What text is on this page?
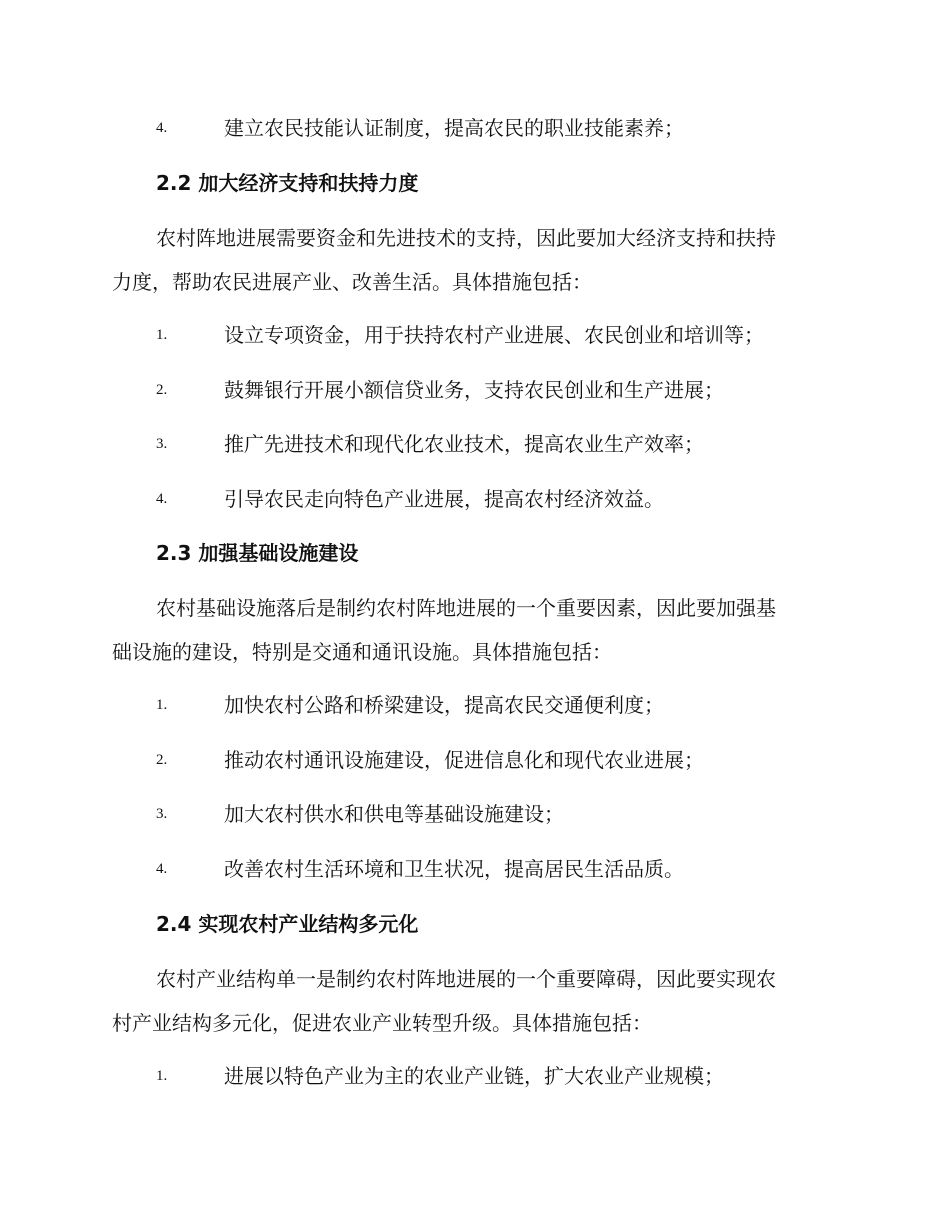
4.	建立农民技能认证制度，提高农民的职业技能素养；
2.2 加大经济支持和扶持力度
农村阵地进展需要资金和先进技术的支持，因此要加大经济支持和扶持
力度，帮助农民进展产业、改善生活。具体措施包括：
1.	设立专项资金，用于扶持农村产业进展、农民创业和培训等；
2.	鼓舞银行开展小额信贷业务，支持农民创业和生产进展；
3.	推广先进技术和现代化农业技术，提高农业生产效率；
4.	引导农民走向特色产业进展，提高农村经济效益。
2.3 加强基础设施建设
农村基础设施落后是制约农村阵地进展的一个重要因素，因此要加强基
础设施的建设，特别是交通和通讯设施。具体措施包括：
1.	加快农村公路和桥梁建设，提高农民交通便利度；
2.	推动农村通讯设施建设，促进信息化和现代农业进展；
3.	加大农村供水和供电等基础设施建设；
4.	改善农村生活环境和卫生状况，提高居民生活品质。
2.4 实现农村产业结构多元化
农村产业结构单一是制约农村阵地进展的一个重要障碍，因此要实现农
村产业结构多元化，促进农业产业转型升级。具体措施包括：
1.	进展以特色产业为主的农业产业链，扩大农业产业规模；
